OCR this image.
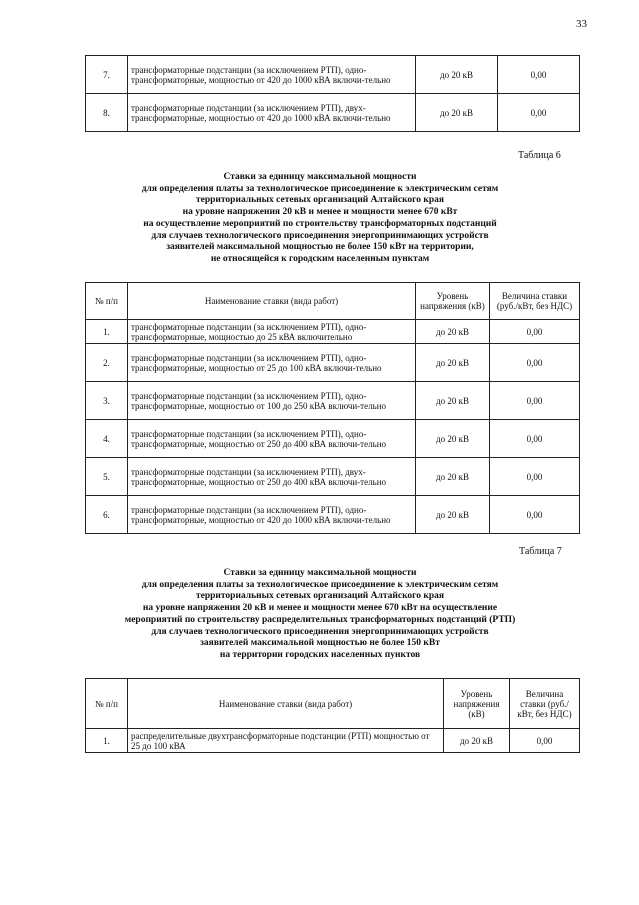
33
7.	трансформаторные подстанции (за исключением РТП), одно-трансформаторные, мощностью от 420 до 1000 кВА включи-тельно	до 20 кВ	0,00
8.	трансформаторные подстанции (за исключением РТП), двух-трансформаторные, мощностью от 420 до 1000 кВА включи-тельно	до 20 кВ	0,00
Таблица 6
Ставки за единицу максимальной мощности
для определения платы за технологическое присоединение к электрическим сетям
территориальных сетевых организаций Алтайского края
на уровне напряжения 20 кВ и менее и мощности менее 670 кВт
на осуществление мероприятий по строительству трансформаторных подстанций
для случаев технологического присоединения энергопринимающих устройств
заявителей максимальной мощностью не более 150 кВт на территории,
не относящейся к городским населенным пунктам
№ п/п	Наименование ставки (вида работ)	Уровень напряжения (кВ)	Величина ставки (руб./кВт, без НДС)
1.	трансформаторные подстанции (за исключением РТП), одно-трансформаторные, мощностью до 25 кВА включительно	до 20 кВ	0,00
2.	трансформаторные подстанции (за исключением РТП), одно-трансформаторные, мощностью от 25 до 100 кВА включи-тельно	до 20 кВ	0,00
3.	трансформаторные подстанции (за исключением РТП), одно-трансформаторные, мощностью от 100 до 250 кВА включи-тельно	до 20 кВ	0,00
4.	трансформаторные подстанции (за исключением РТП), одно-трансформаторные, мощностью от 250 до 400 кВА включи-тельно	до 20 кВ	0,00
5.	трансформаторные подстанции (за исключением РТП), двух-трансформаторные, мощностью от 250 до 400 кВА включи-тельно	до 20 кВ	0,00
6.	трансформаторные подстанции (за исключением РТП), одно-трансформаторные, мощностью от 420 до 1000 кВА включи-тельно	до 20 кВ	0,00
Таблица 7
Ставки за единицу максимальной мощности
для определения платы за технологическое присоединение к электрическим сетям
территориальных сетевых организаций Алтайского края
на уровне напряжения 20 кВ и менее и мощности менее 670 кВт на осуществление
мероприятий по строительству распределительных трансформаторных подстанций (РТП)
для случаев технологического присоединения энергопринимающих устройств
заявителей максимальной мощностью не более 150 кВт
на территории городских населенных пунктов
№ п/п	Наименование ставки (вида работ)	Уровень напряжения (кВ)	Величина ставки (руб./кВт, без НДС)
1.	распределительные двухтрансформаторные подстанции (РТП) мощностью от 25 до 100 кВА	до 20 кВ	0,00
